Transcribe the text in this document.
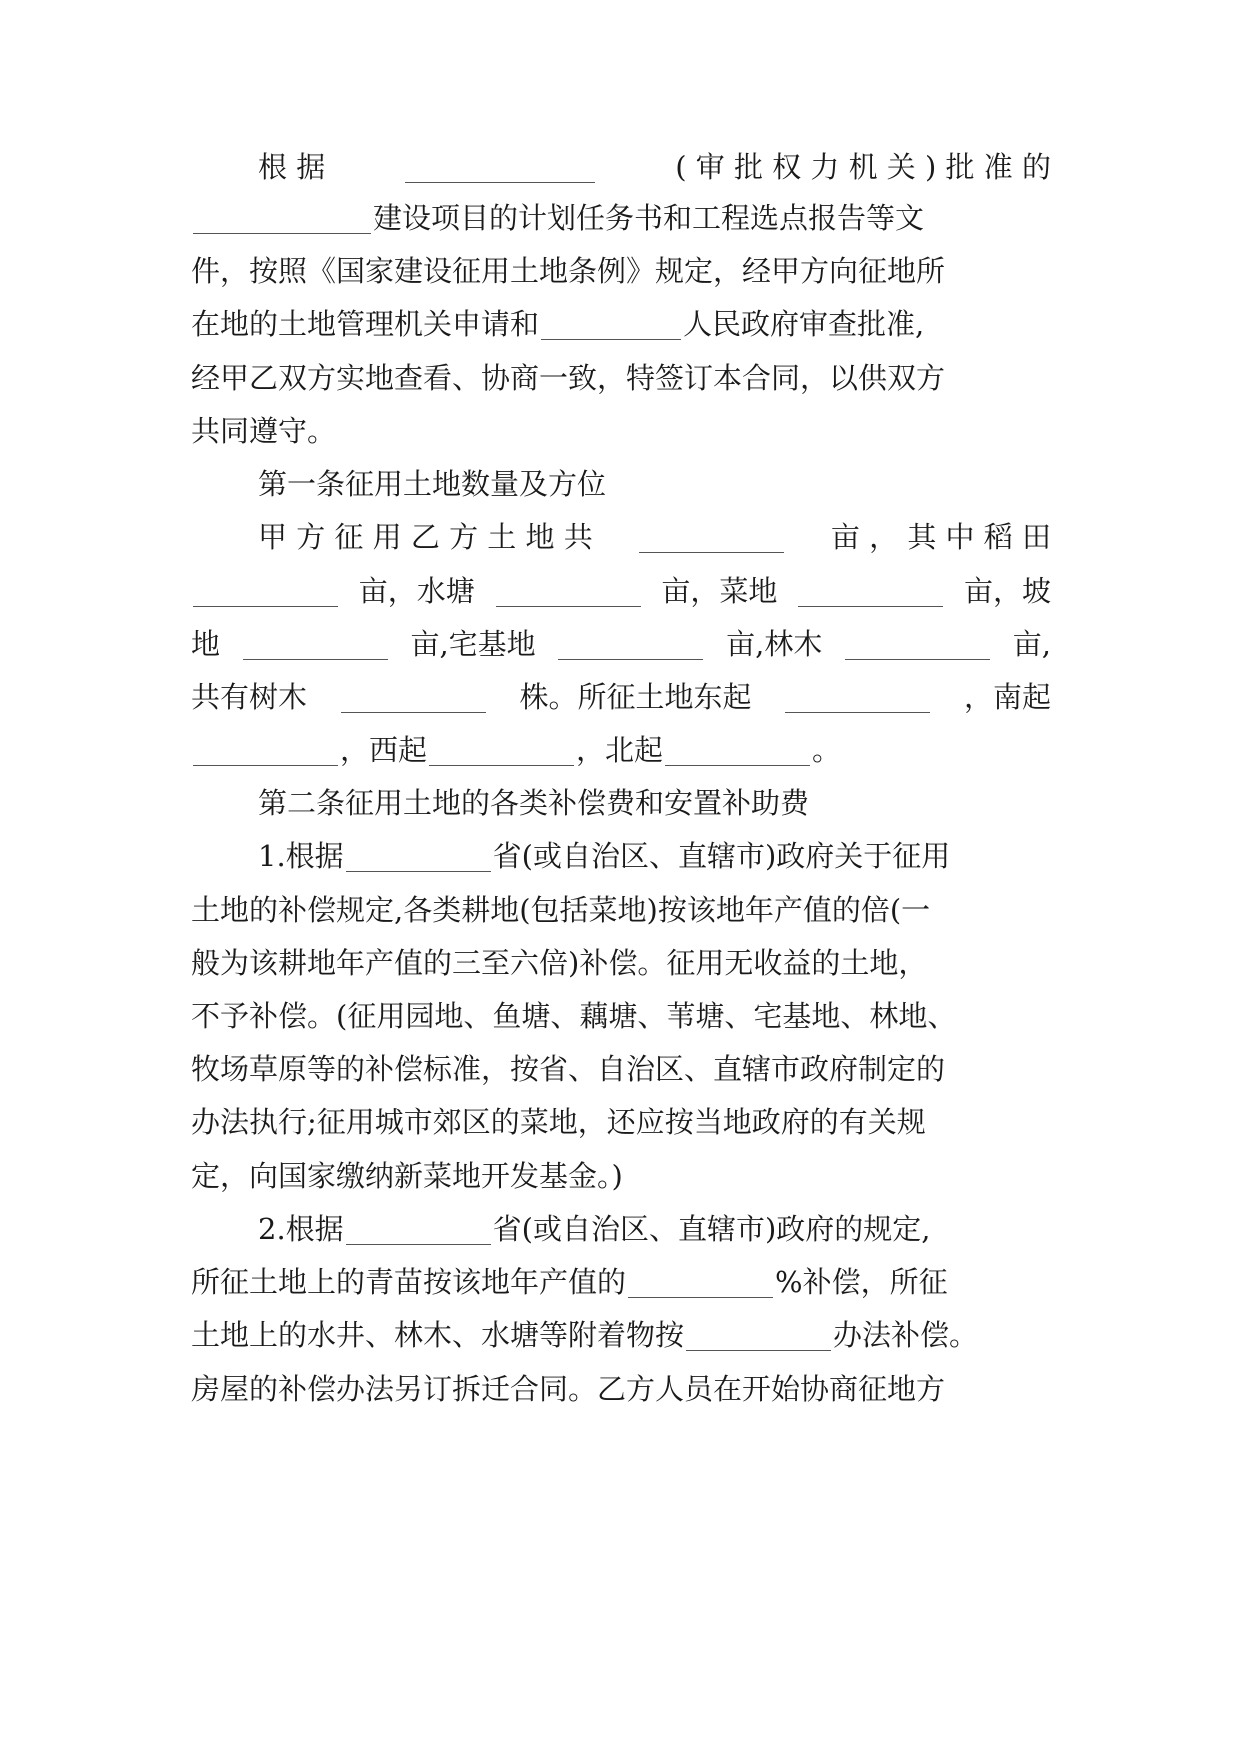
根 据	( 审 批 权 力 机 关 ) 批 准 的
建设项目的计划任务书和工程选点报告等文
件，按照《国家建设征用土地条例》规定，经甲方向征地所
在地的土地管理机关申请和	人民政府审查批准,
经甲乙双方实地查看、协商一致，特签订本合同，以供双方
共同遵守。
第一条征用土地数量及方位
甲 方 征 用 乙 方 土 地 共	亩 ， 其 中 稻 田
亩，水塘	亩，菜地	亩，坡
地	亩,宅基地	亩,林木	亩,
共有树木	株。所征土地东起	，南起
，西起	，北起	。
第二条征用土地的各类补偿费和安置补助费
1.根据	省(或自治区、直辖市)政府关于征用
土地的补偿规定,各类耕地(包括菜地)按该地年产值的倍(一
般为该耕地年产值的三至六倍)补偿。征用无收益的土地，
不予补偿。(征用园地、鱼塘、藕塘、苇塘、宅基地、林地、
牧场草原等的补偿标准，按省、自治区、直辖市政府制定的
办法执行;征用城市郊区的菜地，还应按当地政府的有关规
定，向国家缴纳新菜地开发基金。)
2.根据	省(或自治区、直辖市)政府的规定,
所征土地上的青苗按该地年产值的	%补偿，所征
土地上的水井、林木、水塘等附着物按	办法补偿。
房屋的补偿办法另订拆迁合同。乙方人员在开始协商征地方
